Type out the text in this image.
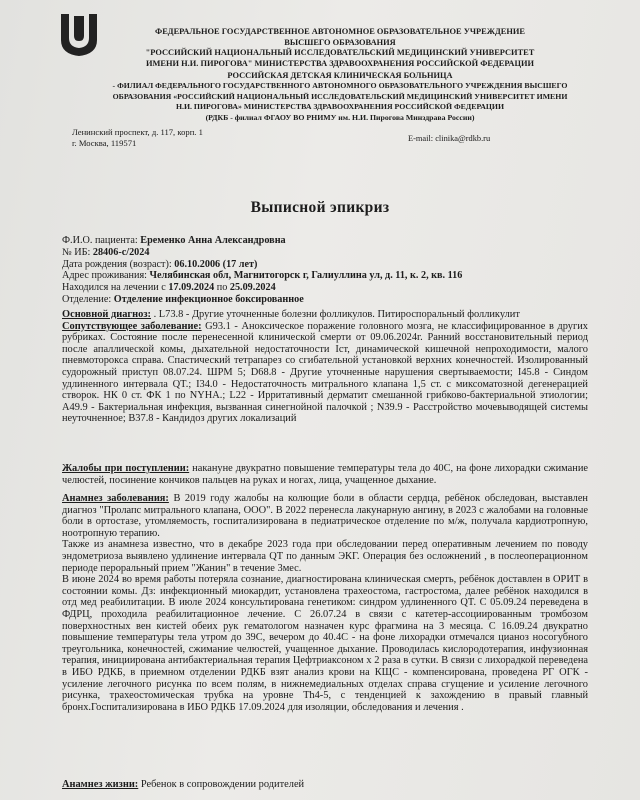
ФЕДЕРАЛЬНОЕ ГОСУДАРСТВЕННОЕ АВТОНОМНОЕ ОБРАЗОВАТЕЛЬНОЕ УЧРЕЖДЕНИЕ
ВЫСШЕГО ОБРАЗОВАНИЯ
"РОССИЙСКИЙ НАЦИОНАЛЬНЫЙ ИССЛЕДОВАТЕЛЬСКИЙ МЕДИЦИНСКИЙ УНИВЕРСИТЕТ
ИМЕНИ Н.И. ПИРОГОВА" МИНИСТЕРСТВА ЗДРАВООХРАНЕНИЯ РОССИЙСКОЙ ФЕДЕРАЦИИ
РОССИЙСКАЯ ДЕТСКАЯ КЛИНИЧЕСКАЯ БОЛЬНИЦА
- ФИЛИАЛ ФЕДЕРАЛЬНОГО ГОСУДАРСТВЕННОГО АВТОНОМНОГО ОБРАЗОВАТЕЛЬНОГО УЧРЕЖДЕНИЯ ВЫСШЕГО
ОБРАЗОВАНИЯ «РОССИЙСКИЙ НАЦИОНАЛЬНЫЙ ИССЛЕДОВАТЕЛЬСКИЙ МЕДИЦИНСКИЙ УНИВЕРСИТЕТ ИМЕНИ
Н.И. ПИРОГОВА» МИНИСТЕРСТВА ЗДРАВООХРАНЕНИЯ РОССИЙСКОЙ ФЕДЕРАЦИИ
(РДКБ - филиал ФГАОУ ВО РНИМУ им. Н.И. Пирогова Минздрава России)
Ленинский проспект, д. 117, корп. 1
г. Москва, 119571	E-mail: clinika@rdkb.ru
Выписной эпикриз
Ф.И.О. пациента: Еременко Анна Александровна
№ ИБ: 28406-с/2024
Дата рождения (возраст): 06.10.2006 (17 лет)
Адрес проживания: Челябинская обл, Магнитогорск г, Галиуллина ул, д. 11, к. 2, кв. 116
Находился на лечении с 17.09.2024 по 25.09.2024
Отделение: Отделение инфекционное боксированное

Основной диагноз: . L73.8 - Другие уточненные болезни фолликулов. Питироспоральный фолликулит

Сопутствующее заболевание: G93.1 - Аноксическое поражение головного мозга, не классифицированное в других рубриках. Состояние после перенесенной клинической смерти от 09.06.2024г. Ранний восстановительный период после апаллической комы, дыхательной недостаточности Iст, динамической кишечной непроходимости, малого пневмоторокса справа. Спастический тетрапарез со сгибательной установкой верхних конечностей. Изолированный судорожный приступ 08.07.24. ШРМ 5; D68.8 - Другие уточненные нарушения свертываемости; I45.8 - Синдом удлиненного интервала QT.; I34.0 - Недостаточность митрального клапана 1,5 ст. с миксоматозной дегенерацией створок. НК 0 ст. ФК 1 по NYHA.; L22 - Ирритативный дерматит смешанной грибково-бактериальной этиологии; A49.9 - Бактериальная инфекция, вызванная синегнойной палочкой ; N39.9 - Расстройство мочевыводящей системы неуточненное; B37.8 - Кандидоз других локализаций

Жалобы при поступлении: накануне двукратно повышение температуры тела до 40С, на фоне лихорадки сжимание челюстей, посинение кончиков пальцев на руках и ногах, лица, учащенное дыхание.

Анамнез заболевания: В 2019 году жалобы на колющие боли в области сердца, ребёнок обследован, выставлен диагноз "Пролапс митрального клапана, ООО". В 2022 перенесла лакунарную ангину, в 2023 с жалобами на головные боли в ортостазе, утомляемость, госпитализирована в педиатрическое отделение по м/ж, получала кардиотропную, ноотропную терапию.

Также из анамнеза известно, что в декабре 2023 года при обследовании перед оперативным лечением по поводу эндометриоза выявлено удлинение интервала QT по данным ЭКГ. Операция без осложнений , в послеоперационном периоде пероральный прием "Жанин" в течение 3мес.

В июне 2024 во время работы потеряла сознание, диагностирована клиническая смерть, ребёнок доставлен в ОРИТ в состоянии комы. Дз: инфекционный миокардит, установлена трахеостома, гастростома, далее ребёнок находился в отд мед реабилитации. В июле 2024 консультирована генетиком: синдром удлиненного QT. С 05.09.24 переведена в ФДРЦ, проходила реабилитационное лечение. С 26.07.24 в связи с катетер-ассоциированным тромбозом поверхностных вен кистей обеих рук гематологом назначен курс фрагмина на 3 месяца. С 16.09.24 двукратно повышение температуры тела утром до 39С, вечером до 40.4С - на фоне лихорадки отмечался цианоз носогубного треугольника, конечностей, сжимание челюстей, учащенное дыхание. Проводилась кислородотерапия, инфузионная терапия, инициирована антибактериальная терапия Цефтриаксоном х 2 раза в сутки. В связи с лихорадкой переведена в ИБО РДКБ, в приемном отделении РДКБ взят анализ крови на КЩС - компенсирована, проведена РГ ОГК - усиление легочного рисунка по всем полям, в нижнемедиальных отделах справа сгущение и усиление легочного рисунка, трахеостомическая трубка на уровне Th4-5, с тенденцией к захождению в правый главный бронх.Госпитализирована в ИБО РДКБ 17.09.2024 для изоляции, обследования и лечения .

Анамнез жизни: Ребенок в сопровождении родителей
